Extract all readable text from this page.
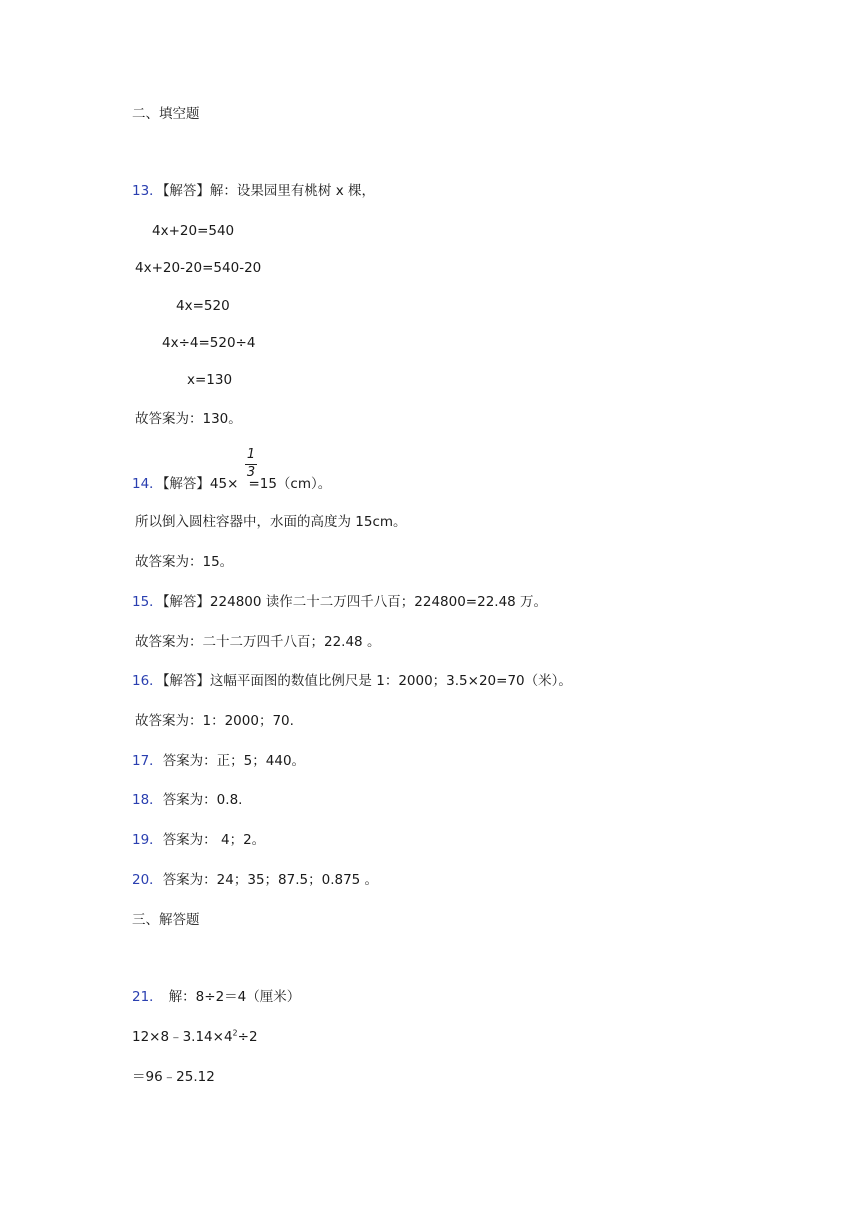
二、填空题
13．【解答】解：设果园里有桃树 x 棵，
4x+20=540
4x+20-20=540-20
4x=520
4x÷4=520÷4
x=130
故答案为：130。
1
3
14．【解答】45× =15（cm）。
所以倒入圆柱容器中，水面的高度为 15cm。
故答案为：15。
15．【解答】224800 读作二十二万四千八百；224800=22.48 万。
故答案为：二十二万四千八百；22.48 。
16．【解答】这幅平面图的数值比例尺是 1：2000；3.5×20=70（米）。
故答案为：1：2000；70.
17．答案为：正；5；440。
18．答案为：0.8.
19．答案为： 4；2。
20．答案为：24；35；87.5；0.875 。
三、解答题
21． 解：8÷2＝4（厘米）
$12\times 8﹣3.14\times 4^2\div 2$
＝96﹣25.12
